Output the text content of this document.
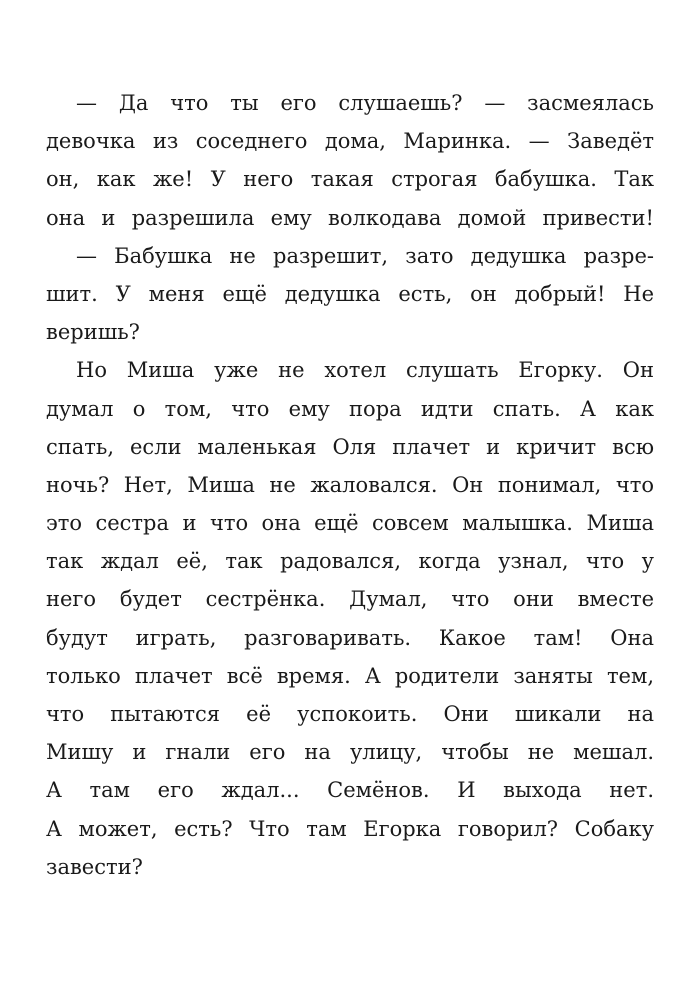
— Да что ты его слушаешь? — засмеялась
девочка из соседнего дома, Маринка. — Заведёт
он, как же! У него такая строгая бабушка. Так
она и разрешила ему волкодава домой привести!
— Бабушка не разрешит, зато дедушка разре-
шит. У меня ещё дедушка есть, он добрый! Не
веришь?
Но Миша уже не хотел слушать Егорку. Он
думал о том, что ему пора идти спать. А как
спать, если маленькая Оля плачет и кричит всю
ночь? Нет, Миша не жаловался. Он понимал, что
это сестра и что она ещё совсем малышка. Миша
так ждал её, так радовался, когда узнал, что у
него будет сестрёнка. Думал, что они вместе
будут играть, разговаривать. Какое там! Она
только плачет всё время. А родители заняты тем,
что пытаются её успокоить. Они шикали на
Мишу и гнали его на улицу, чтобы не мешал.
А там его ждал... Семёнов. И выхода нет.
А может, есть? Что там Егорка говорил? Собаку
завести?
